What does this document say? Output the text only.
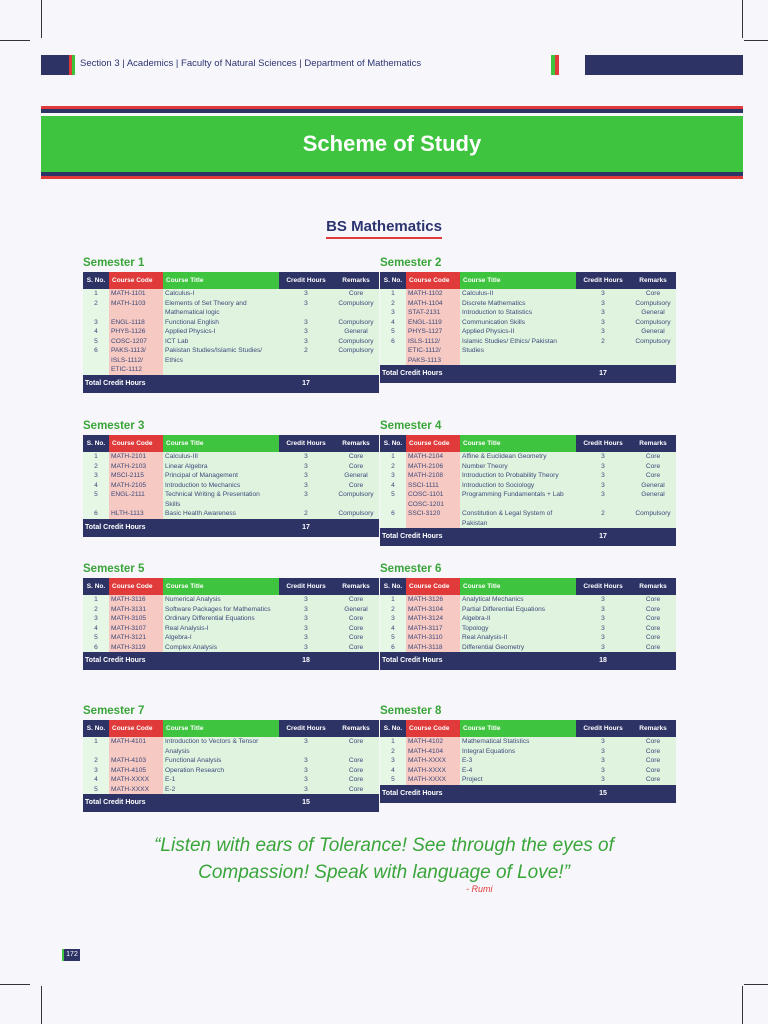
Section 3 | Academics | Faculty of Natural Sciences | Department of Mathematics
Scheme of Study
BS Mathematics
Semester 1
S. No.	Course Code	Course Title	Credit Hours	Remarks
1	MATH-1101	Calculus-I	3	Core
2	MATH-1103	Elements of Set Theory and Mathematical logic	3	Compulsory
3	ENGL-1118	Functional English	3	Compulsory
4	PHYS-1126	Applied Physics-I	3	General
5	COSC-1207	ICT Lab	3	Compulsory
6	PAKS-1113/ ISLS-1112/ ETIC-1112	Pakistan Studies/Islamic Studies/ Ethics	2	Compulsory
Total Credit Hours			17	
Semester 2
S. No.	Course Code	Course Title	Credit Hours	Remarks
1	MATH-1102	Calculus-II	3	Core
2	MATH-1104	Discrete Mathematics	3	Compulsory
3	STAT-2131	Introduction to Statistics	3	General
4	ENGL-1119	Communication Skills	3	Compulsory
5	PHYS-1127	Applied Physics-II	3	General
6	ISLS-1112/ ETIC-1112/ PAKS-1113	Islamic Studies/ Ethics/ Pakistan Studies	2	Compulsory
Total Credit Hours			17	
Semester 3
S. No.	Course Code	Course Title	Credit Hours	Remarks
1	MATH-2101	Calculus-III	3	Core
2	MATH-2103	Linear Algebra	3	Core
3	MSCI-2115	Principal of Management	3	General
4	MATH-2105	Introduction to Mechanics	3	Core
5	ENGL-2111	Technical Writing & Presentation Skills	3	Compulsory
6	HLTH-1113	Basic Health Awareness	2	Compulsory
Total Credit Hours			17	
Semester 4
S. No.	Course Code	Course Title	Credit Hours	Remarks
1	MATH-2104	Affine & Euclidean Geometry	3	Core
2	MATH-2106	Number Theory	3	Core
3	MATH-2108	Introduction to Probability Theory	3	Core
4	SSCI-1111	Introduction to Sociology	3	General
5	COSC-1101 COSC-1201	Programming Fundamentals + Lab	3	General
6	SSCI-3120	Constitution & Legal System of Pakistan	2	Compulsory
Total Credit Hours			17	
Semester 5
S. No.	Course Code	Course Title	Credit Hours	Remarks
1	MATH-3116	Numerical Analysis	3	Core
2	MATH-3131	Software Packages for Mathematics	3	General
3	MATH-3105	Ordinary Differential Equations	3	Core
4	MATH-3107	Real Analysis-I	3	Core
5	MATH-3121	Algebra-I	3	Core
6	MATH-3119	Complex Analysis	3	Core
Total Credit Hours			18	
Semester 6
S. No.	Course Code	Course Title	Credit Hours	Remarks
1	MATH-3126	Analytical Mechanics	3	Core
2	MATH-3104	Partial Differential Equations	3	Core
3	MATH-3124	Algebra-II	3	Core
4	MATH-3117	Topology	3	Core
5	MATH-3110	Real Analysis-II	3	Core
6	MATH-3118	Differential Geometry	3	Core
Total Credit Hours			18	
Semester 7
S. No.	Course Code	Course Title	Credit Hours	Remarks
1	MATH-4101	Introduction to Vectors & Tensor Analysis	3	Core
2	MATH-4103	Functional Analysis	3	Core
3	MATH-4105	Operation Research	3	Core
4	MATH-XXXX	E-1	3	Core
5	MATH-XXXX	E-2	3	Core
Total Credit Hours			15	
Semester 8
S. No.	Course Code	Course Title	Credit Hours	Remarks
1	MATH-4102	Mathematical Statistics	3	Core
2	MATH-4104	Integral Equations	3	Core
3	MATH-XXXX	E-3	3	Core
4	MATH-XXXX	E-4	3	Core
5	MATH-XXXX	Project	3	Core
Total Credit Hours			15	
“Listen with ears of Tolerance! See through the eyes of
Compassion! Speak with language of Love!”
- Rumi
172
